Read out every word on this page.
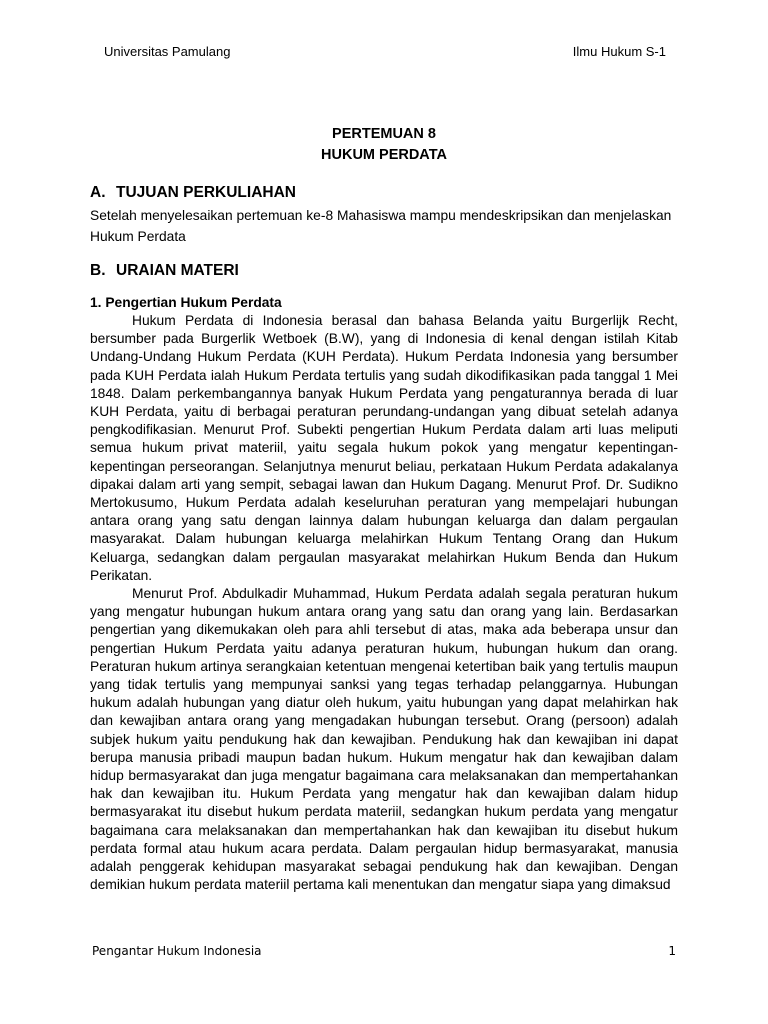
Universitas Pamulang	Ilmu Hukum S-1
PERTEMUAN 8
HUKUM PERDATA
A. TUJUAN PERKULIAHAN

Setelah menyelesaikan pertemuan ke-8 Mahasiswa mampu mendeskripsikan dan menjelaskan Hukum Perdata

B. URAIAN MATERI
1. Pengertian Hukum Perdata

Hukum Perdata di Indonesia berasal dan bahasa Belanda yaitu Burgerlijk Recht, bersumber pada Burgerlik Wetboek (B.W), yang di Indonesia di kenal dengan istilah Kitab Undang-Undang Hukum Perdata (KUH Perdata). Hukum Perdata Indonesia yang bersumber pada KUH Perdata ialah Hukum Perdata tertulis yang sudah dikodifikasikan pada tanggal 1 Mei 1848. Dalam perkembangannya banyak Hukum Perdata yang pengaturannya berada di luar KUH Perdata, yaitu di berbagai peraturan perundang-undangan yang dibuat setelah adanya pengkodifikasian. Menurut Prof. Subekti pengertian Hukum Perdata dalam arti luas meliputi semua hukum privat materiil, yaitu segala hukum pokok yang mengatur kepentingan-kepentingan perseorangan. Selanjutnya menurut beliau, perkataan Hukum Perdata adakalanya dipakai dalam arti yang sempit, sebagai lawan dan Hukum Dagang. Menurut Prof. Dr. Sudikno Mertokusumo, Hukum Perdata adalah keseluruhan peraturan yang mempelajari hubungan antara orang yang satu dengan lainnya dalam hubungan keluarga dan dalam pergaulan masyarakat. Dalam hubungan keluarga melahirkan Hukum Tentang Orang dan Hukum Keluarga, sedangkan dalam pergaulan masyarakat melahirkan Hukum Benda dan Hukum Perikatan.

Menurut Prof. Abdulkadir Muhammad, Hukum Perdata adalah segala peraturan hukum yang mengatur hubungan hukum antara orang yang satu dan orang yang lain. Berdasarkan pengertian yang dikemukakan oleh para ahli tersebut di atas, maka ada beberapa unsur dan pengertian Hukum Perdata yaitu adanya peraturan hukum, hubungan hukum dan orang. Peraturan hukum artinya serangkaian ketentuan mengenai ketertiban baik yang tertulis maupun yang tidak tertulis yang mempunyai sanksi yang tegas terhadap pelanggarnya. Hubungan hukum adalah hubungan yang diatur oleh hukum, yaitu hubungan yang dapat melahirkan hak dan kewajiban antara orang yang mengadakan hubungan tersebut. Orang (persoon) adalah subjek hukum yaitu pendukung hak dan kewajiban. Pendukung hak dan kewajiban ini dapat berupa manusia pribadi maupun badan hukum. Hukum mengatur hak dan kewajiban dalam hidup bermasyarakat dan juga mengatur bagaimana cara melaksanakan dan mempertahankan hak dan kewajiban itu. Hukum Perdata yang mengatur hak dan kewajiban dalam hidup bermasyarakat itu disebut hukum perdata materiil, sedangkan hukum perdata yang mengatur bagaimana cara melaksanakan dan mempertahankan hak dan kewajiban itu disebut hukum perdata formal atau hukum acara perdata. Dalam pergaulan hidup bermasyarakat, manusia adalah penggerak kehidupan masyarakat sebagai pendukung hak dan kewajiban. Dengan demikian hukum perdata materiil pertama kali menentukan dan mengatur siapa yang dimaksud

Pengantar Hukum Indonesia	1
